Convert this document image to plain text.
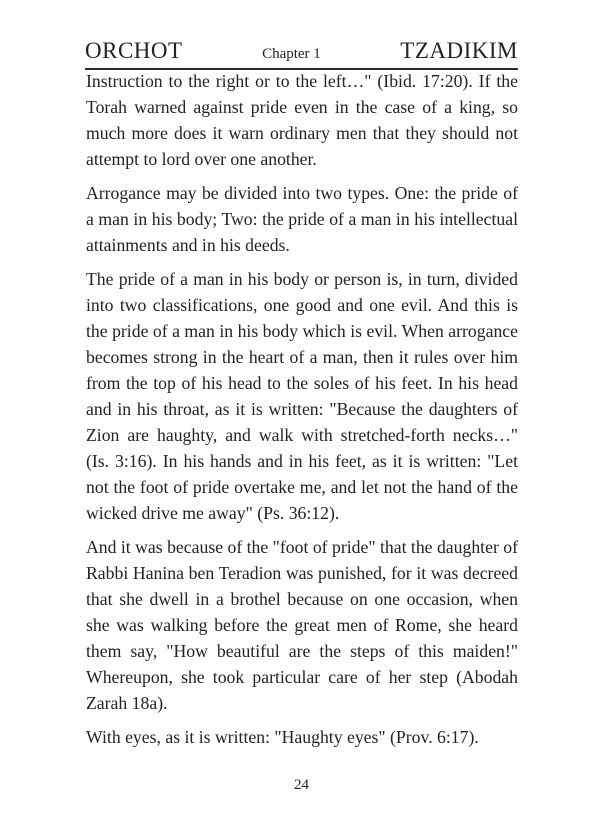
ORCHOT	Chapter 1	TZADIKIM

Instruction to the right or to the left…" (Ibid. 17:20). If the Torah warned against pride even in the case of a king, so much more does it warn ordinary men that they should not attempt to lord over one another.

Arrogance may be divided into two types. One: the pride of a man in his body; Two: the pride of a man in his intellectual attainments and in his deeds.

The pride of a man in his body or person is, in turn, divided into two classifications, one good and one evil. And this is the pride of a man in his body which is evil. When arrogance becomes strong in the heart of a man, then it rules over him from the top of his head to the soles of his feet. In his head and in his throat, as it is written: "Because the daughters of Zion are haughty, and walk with stretched-forth necks…" (Is. 3:16). In his hands and in his feet, as it is written: "Let not the foot of pride overtake me, and let not the hand of the wicked drive me away" (Ps. 36:12).

And it was because of the "foot of pride" that the daughter of Rabbi Hanina ben Teradion was punished, for it was decreed that she dwell in a brothel because on one occasion, when she was walking before the great men of Rome, she heard them say, "How beautiful are the steps of this maiden!" Whereupon, she took particular care of her step (Abodah Zarah 18a).

With eyes, as it is written: "Haughty eyes" (Prov. 6:17).

24
